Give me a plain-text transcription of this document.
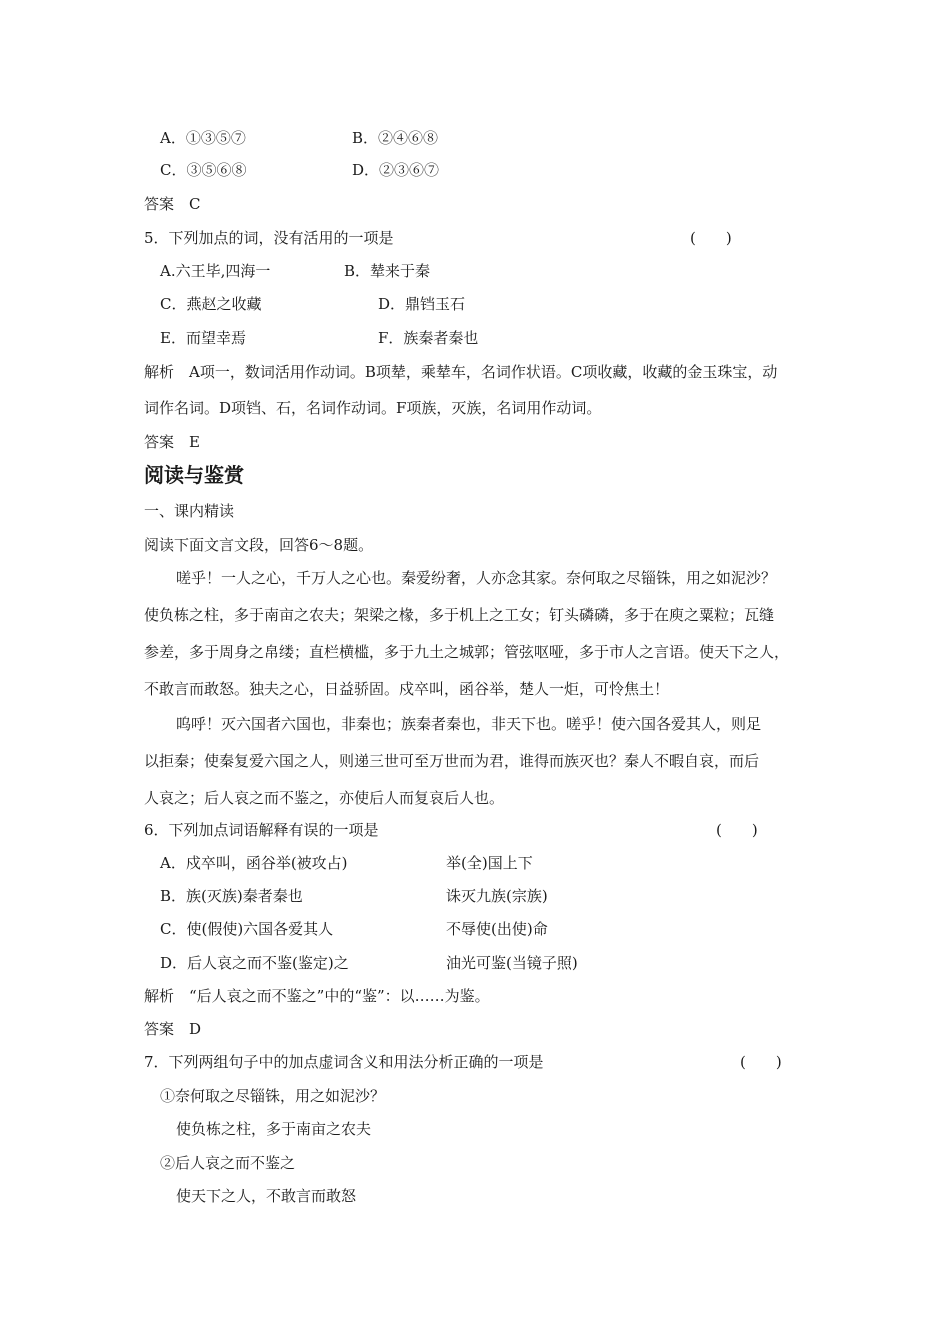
A．①③⑤⑦	B．②④⑥⑧
C．③⑤⑥⑧	D．②③⑥⑦
答案　C
5．下列加点的词，没有活用的一项是	(　　)
A.六王毕,四海一	B．辇来于秦
C．燕赵之收藏	D．鼎铛玉石
E．而望幸焉	F．族秦者秦也
解析　A项一，数词活用作动词。B项辇，乘辇车，名词作状语。C项收藏，收藏的金玉珠宝，动
词作名词。D项铛、石，名词作动词。F项族，灭族，名词用作动词。
答案　E
阅读与鉴赏
一、课内精读
阅读下面文言文段，回答6～8题。
嗟乎！一人之心，千万人之心也。秦爱纷奢，人亦念其家。奈何取之尽锱铢，用之如泥沙？
使负栋之柱，多于南亩之农夫；架梁之椽，多于机上之工女；钉头磷磷，多于在庾之粟粒；瓦缝
参差，多于周身之帛缕；直栏横槛，多于九土之城郭；管弦呕哑，多于市人之言语。使天下之人，
不敢言而敢怒。独夫之心，日益骄固。戍卒叫，函谷举，楚人一炬，可怜焦土！
呜呼！灭六国者六国也，非秦也；族秦者秦也，非天下也。嗟乎！使六国各爱其人，则足
以拒秦；使秦复爱六国之人，则递三世可至万世而为君，谁得而族灭也？秦人不暇自哀，而后
人哀之；后人哀之而不鉴之，亦使后人而复哀后人也。
6．下列加点词语解释有误的一项是	(　　)
A．戍卒叫，函谷举(被攻占)	举(全)国上下
B．族(灭族)秦者秦也	诛灭九族(宗族)
C．使(假使)六国各爱其人	不辱使(出使)命
D．后人哀之而不鉴(鉴定)之	油光可鉴(当镜子照)
解析　“后人哀之而不鉴之”中的“鉴”：以……为鉴。
答案　D
7．下列两组句子中的加点虚词含义和用法分析正确的一项是	(　　)
①奈何取之尽锱铢，用之如泥沙？
使负栋之柱，多于南亩之农夫
②后人哀之而不鉴之
使天下之人，不敢言而敢怒
